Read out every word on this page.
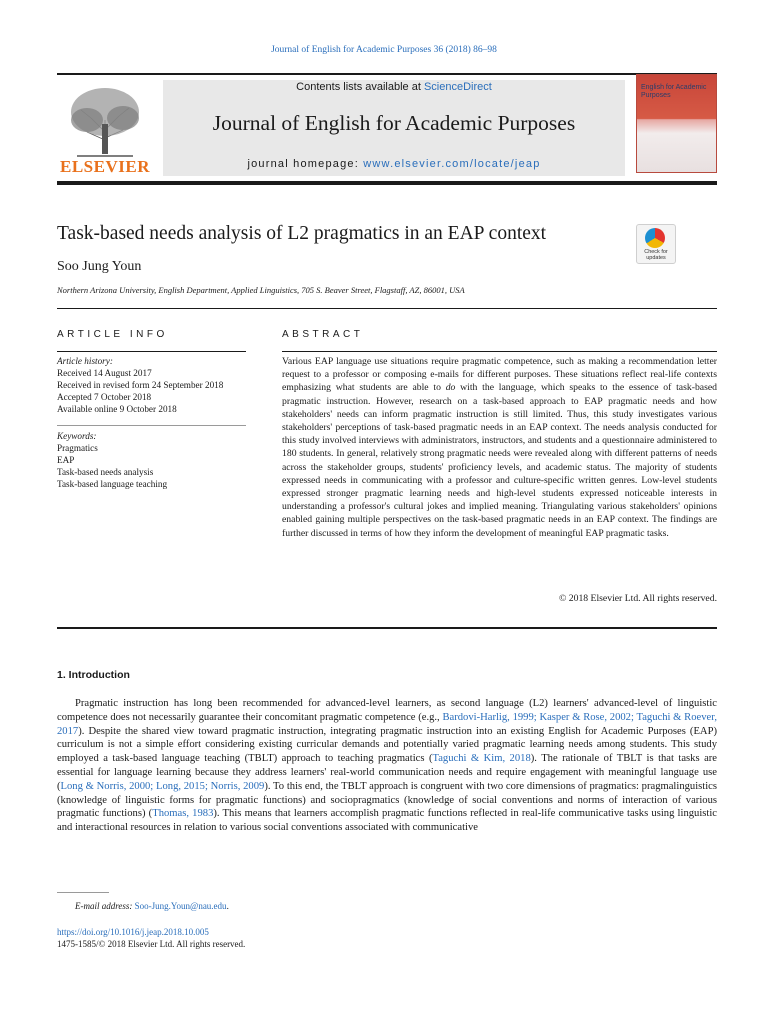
Journal of English for Academic Purposes 36 (2018) 86–98
ELSEVIER
Contents lists available at ScienceDirect
Journal of English for Academic Purposes
journal homepage: www.elsevier.com/locate/jeap
English for Academic Purposes
Task-based needs analysis of L2 pragmatics in an EAP context
Soo Jung Youn
Northern Arizona University, English Department, Applied Linguistics, 705 S. Beaver Street, Flagstaff, AZ, 86001, USA
Check for updates
ARTICLE INFO	ABSTRACT
Article history:
Received 14 August 2017
Received in revised form 24 September 2018
Accepted 7 October 2018
Available online 9 October 2018
Keywords:
Pragmatics
EAP
Task-based needs analysis
Task-based language teaching
Various EAP language use situations require pragmatic competence, such as making a recommendation letter request to a professor or composing e-mails for different purposes. These situations reflect real-life contexts emphasizing what students are able to do with the language, which speaks to the essence of task-based pragmatic instruction. However, research on a task-based approach to EAP pragmatic needs and how stakeholders' needs can inform pragmatic instruction is still limited. Thus, this study investigates various stakeholders' perceptions of task-based pragmatic needs in an EAP context. The needs analysis conducted for this study involved interviews with administrators, instructors, and students and a questionnaire administered to 180 students. In general, relatively strong pragmatic needs were revealed along with different patterns of needs across the stakeholder groups, students' proficiency levels, and academic status. The majority of students expressed needs in communicating with a professor and culture-specific written genres. Low-level students expressed stronger pragmatic learning needs and high-level students expressed noticeable interests in understanding a professor's cultural jokes and implied meaning. Triangulating various stakeholders' opinions enabled gaining multiple perspectives on the task-based pragmatic needs in an EAP context. The findings are further discussed in terms of how they inform the development of meaningful EAP pragmatic tasks.
© 2018 Elsevier Ltd. All rights reserved.
1. Introduction
Pragmatic instruction has long been recommended for advanced-level learners, as second language (L2) learners' advanced-level of linguistic competence does not necessarily guarantee their concomitant pragmatic competence (e.g., Bardovi-Harlig, 1999; Kasper & Rose, 2002; Taguchi & Roever, 2017). Despite the shared view toward pragmatic instruction, integrating pragmatic instruction into an existing English for Academic Purposes (EAP) curriculum is not a simple effort considering existing curricular demands and potentially varied pragmatic learning needs among students. This study employed a task-based language teaching (TBLT) approach to teaching pragmatics (Taguchi & Kim, 2018). The rationale of TBLT is that tasks are essential for language learning because they address learners' real-world communication needs and require engagement with meaningful language use (Long & Norris, 2000; Long, 2015; Norris, 2009). To this end, the TBLT approach is congruent with two core dimensions of pragmatics: pragmalinguistics (knowledge of linguistic forms for pragmatic functions) and sociopragmatics (knowledge of social conventions and norms of interaction of various pragmatic functions) (Thomas, 1983). This means that learners accomplish pragmatic functions reflected in real-life communicative tasks using linguistic and interactional resources in relation to various social conventions associated with communicative
E-mail address: Soo-Jung.Youn@nau.edu.
https://doi.org/10.1016/j.jeap.2018.10.005
1475-1585/© 2018 Elsevier Ltd. All rights reserved.
